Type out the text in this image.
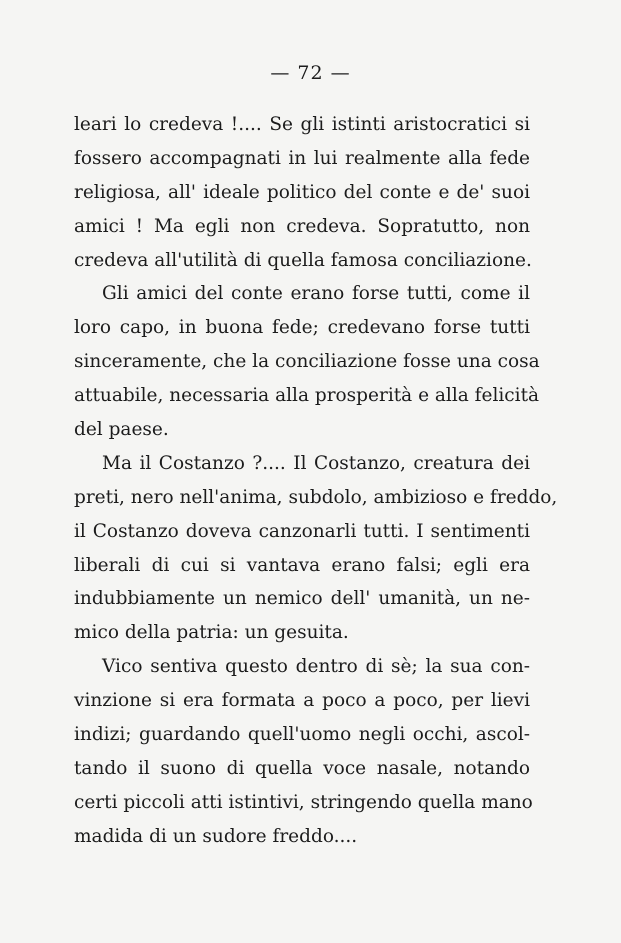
— 72 —
leari lo credeva !.... Se gli istinti aristocratici si
fossero accompagnati in lui realmente alla fede
religiosa, all' ideale politico del conte e de' suoi
amici ! Ma egli non credeva. Sopratutto, non
credeva all'utilità di quella famosa conciliazione.
Gli amici del conte erano forse tutti, come il
loro capo, in buona fede; credevano forse tutti
sinceramente, che la conciliazione fosse una cosa
attuabile, necessaria alla prosperità e alla felicità
del paese.
Ma il Costanzo ?.... Il Costanzo, creatura dei
preti, nero nell'anima, subdolo, ambizioso e freddo,
il Costanzo doveva canzonarli tutti. I sentimenti
liberali di cui si vantava erano falsi; egli era
indubbiamente un nemico dell' umanità, un ne-
mico della patria: un gesuita.
Vico sentiva questo dentro di sè; la sua con-
vinzione si era formata a poco a poco, per lievi
indizi; guardando quell'uomo negli occhi, ascol-
tando il suono di quella voce nasale, notando
certi piccoli atti istintivi, stringendo quella mano
madida di un sudore freddo....
